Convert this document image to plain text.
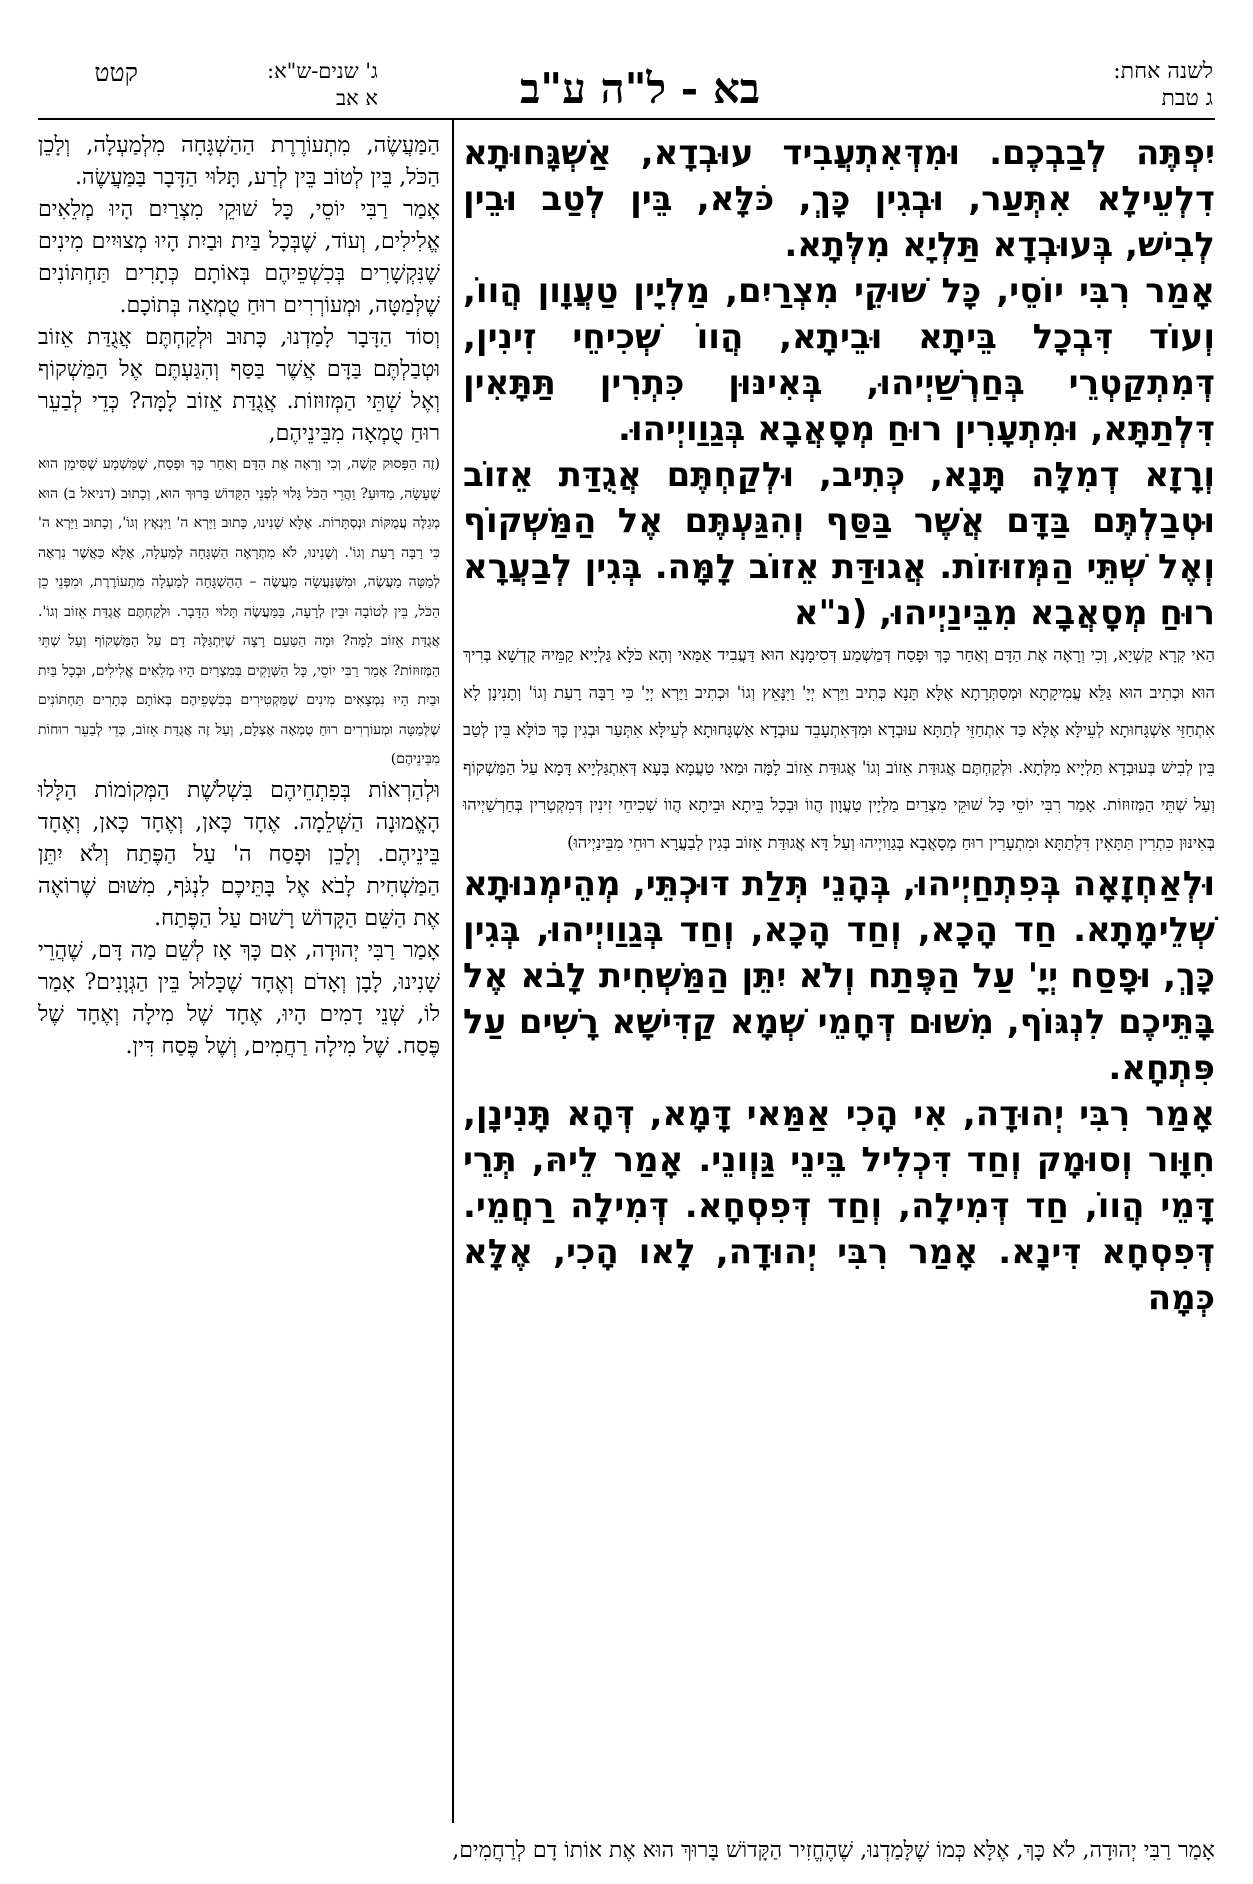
לשנה אחת:
ג טבת
בא - ל"ה ע"ב
ג' שנים-ש"א:
א אב
קטט

יִפְתֶּה לְבַבְכֶם. וּמִדְּאִתְעֲבִיד עוּבְדָא, אַשְׁגָּחוּתָא דִלְעֵילָא אִתְּעַר, וּבְגִין כָּךְ, כֹּלָּא, בֵּין לְטַב וּבֵין לְבִישׁ, בְּעוּבְדָא תַּלְיָא מִלְּתָא.

אָמַר רִבִּי יוֹסֵי, כָּל שׁוּקֵי מִצְרַיִם, מַלְיָין טַעֲוָון הֲווֹ, וְעוֹד דִּבְכָל בֵּיתָא וּבֵיתָא, הֲווֹ שְׁכִיחֵי זִינִין, דְּמִתְקַטְרֵי בְּחַרְשַׁיְיהוּ, בְּאִינּוּן כִּתְרִין תַּתָּאִין דִּלְתַתָּא, וּמִתְעָרִין רוּחַ מְסָאֲבָא בְּגַוַויְיהוּ.

וְרָזָא דְמִלָּה תָּנָא, כְּתִיב, וּלְקַחְתֶּם אֲגֻדַּת אֵזוֹב וּטְבַלְתֶּם בַּדָּם אֲשֶׁר בַּסַּף וְהִגַּעְתֶּם אֶל הַמַּשְׁקוֹף וְאֶל שְׁתֵּי הַמְּזוּזוֹת. אֲגוּדַּת אֵזוֹב לָמָּה. בְּגִין לְבַעֲרָא רוּחַ מְסָאֲבָא מִבֵּינַיְיהוּ, (נ"א

הַאי קְרָא קַשְׁיָא, וְכִי וְרָאָה אֶת הַדָּם וְאַחַר כָּךְ וּפָסַח דְּמַשְׁמַע דְּסִימָנָא הוּא דַּעֲבִיד אַמַּאי וְהָא כֹּלָּא גַּלְיָיא קַמֵּיהּ קֻדְשָׁא בְּרִיךְ הוּא וּכְתִיב הוּא גַּלֵּא עֲמִיקָתָא וּמְסַתְּרָתָא אֶלָּא תָּנָא כְּתִיב וַיַּרְא יְיָ' וַיִּנָּאֵץ וְגוֹ' וּכְתִיב וַיַּרְא יְיָ' כִּי רַבָּה רָעַת וְגוֹ' וְתָנִינָן לָא אִתְחַזֵּי אַשְׁגָּחוּתָא לְעֵילָּא אֶלָּא כַּד אִתְחַזֵּי לְתַתָּא עוּבְדָא וּמִדְּאִתְעָבֵד עוּבְדָא אַשְׁגָּחוּתָא לְעֵילָּא אִתְּעַר וּבְגִין כָּךְ כּוֹלָּא בֵּין לְטַב בֵּין לְבִישׁ בְּעוּבְדָא תַּלְיָיא מִלְּתָא. וּלְקַחְתֶּם אֲגוּדַּת אֵזוֹב וְגוֹ' אֲגוּדַּת אֵזוֹב לָמָּה וּמַאי טַעֲמָא בָּעָא דְּאִתְגַּלְיָיא דָּמָא עַל הַמַּשְׁקוֹף וְעַל שְׁתֵּי הַמְּזוּזוֹת. אָמַר רִבִּי יוֹסֵי כָּל שׁוּקֵי מִצְרַיִם מַלְיָין טַעֲוָון הֲווֹ וּבְכָל בֵּיתָא וּבֵיתָא הֲווֹ שְׁכִיחֵי זִינִין דְּמִקְטְרִין בְּחַרְשַׁיְיהוּ בְּאִינּוּן כִּתְרִין תַּתָּאִין דִּלְתַתָּא וּמִתְעָרִין רוּחַ מְסָאֲבָא בְּגַוַויְיהוּ וְעַל דָּא אֲגוּדַּת אֵזוֹב בְּגִין לְבַעֲרָא רוּחֵי מִבֵּינַיְיהוּ)

וּלְאַחְזָאָה בְּפִתְחַיְיהוּ, בְּהָנֵי תְּלַת דּוּכְתֵּי, מְהֵימְנוּתָא שְׁלֵימָתָא. חַד הָכָא, וְחַד הָכָא, וְחַד בְּגַוַויְיהוּ, בְּגִין כָּךְ, וּפָסַח יְיָ' עַל הַפֶּתַח וְלֹא יִתֵּן הַמַּשְׁחִית לָבֹא אֶל בָּתֵּיכֶם לִנְגּוֹף, מִשּׁוּם דְּחָמֵי שְׁמָא קַדִּישָׁא רָשִׁים עַל פִּתְחָא.

אָמַר רִבִּי יְהוּדָה, אִי הָכִי אַמַּאי דָּמָא, דְּהָא תָּנִינָן, חִוָּור וְסוּמָק וְחַד דִּכְלִיל בֵּינֵי גַּוְונֵי. אָמַר לֵיהּ, תְּרֵי דָּמֵי הֲווֹ, חַד דְּמִילָה, וְחַד דְּפִסְחָא. דְּמִילָה רַחֲמֵי. דְּפִסְחָא דִּינָא. אָמַר רִבִּי יְהוּדָה, לָאו הָכִי, אֶלָּא כְּמָה

הַמַּעֲשֶׂה, מִתְעוֹרֶרֶת הַהַשְׁגָּחָה מִלְמַעְלָה, וְלָכֵן הַכֹּל, בֵּין לְטוֹב בֵּין לְרַע, תָּלוּי הַדָּבָר בַּמַּעֲשֶׂה.

אָמַר רַבִּי יוֹסֵי, כָּל שׁוּקֵי מִצְרַיִם הָיוּ מְלֵאִים אֱלִילִים, וְעוֹד, שֶׁבְּכָל בַּיִת וּבַיִת הָיוּ מְצוּיִים מִינִים שֶׁנִּקְשָׁרִים בְּכִשְׁפֵיהֶם בְּאוֹתָם כְּתָרִים תַּחְתּוֹנִים שֶׁלְּמַטָּה, וּמְעוֹרְרִים רוּחַ טֻמְאָה בְּתוֹכָם.

וְסוֹד הַדָּבָר לָמַדְנוּ, כָּתוּב וּלְקַחְתֶּם אֲגֻדַּת אֵזוֹב וּטְבַלְתֶּם בַּדָּם אֲשֶׁר בַּסַּף וְהִגַּעְתֶּם אֶל הַמַּשְׁקוֹף וְאֶל שְׁתֵּי הַמְּזוּזוֹת. אֲגֻדַּת אֵזוֹב לָמָּה? כְּדֵי לְבַעֵר רוּחַ טֻמְאָה מִבֵּינֵיהֶם,

(זֶה הַפָּסוּק קָשֶׁה, וְכִי וְרָאָה אֶת הַדָּם וְאַחַר כָּךְ וּפָסַח, שֶׁמַּשְׁמָע שֶׁסִּימָן הוּא שֶׁעָשָׂה, מַדּוּעַ? וַהֲרֵי הַכֹּל גָּלוּי לִפְנֵי הַקָּדוֹשׁ בָּרוּךְ הוּא, וְכָתוּב (דניאל ב) הוּא מְגַלֶּה עֲמֻקּוֹת וּנְסְתָּרוֹת. אֶלָּא שָׁנִינוּ, כָּתוּב וַיַּרְא ה' וַיִּנְאָץ וְגוֹ', וְכָתוּב וַיַּרְא ה' כִּי רַבָּה רָעַת וְגוֹ'. וְשָׁנִינוּ, לֹא מִתְרָאָה הַשְׁגָּחָה לְמַעְלָה, אֶלָּא כַּאֲשֶׁר נִרְאֶה לְמַטָּה מַעֲשֶׂה, וּמִשֶּׁנַּעֲשָׂה מַעֲשֶׂה – הַהַשְׁגָּחָה לְמַעְלָה מִתְעוֹרֶרֶת, וּמִפְּנֵי כֵן הַכֹּל, בֵּין לְטוֹבָה וּבֵין לְרָעָה, בַּמַּעֲשֶׂה תָּלוּי הַדָּבָר. וּלְקַחְתֶּם אֲגֻדַּת אֵזוֹב וְגוֹ'. אֲגֻדַּת אֵזוֹב לָמָּה? וּמָה הַטַּעַם רָצָה שֶׁיִּתְגַּלֶּה דָם עַל הַמַּשְׁקוֹף וְעַל שְׁתֵּי הַמְּזוּזוֹת? אָמַר רַבִּי יוֹסֵי, כָּל הַשְּׁוָקִים בְּמִצְרַיִם הָיוּ מְלֵאִים אֱלִילִים, וּבְכָל בַּיִת וּבַיִת הָיוּ נִמְצָאִים מִינִים שֶׁמַּקְטִירִים בְּכִשְׁפֵיהֶם בְּאוֹתָם כְּתָרִים תַּחְתּוֹנִים שֶׁלְּמַטָּה וּמְעוֹרְרִים רוּחַ טֻמְאָה אֶצְלָם, וְעַל זֶה אֲגֻדַּת אֵזוֹב, כְּדֵי לְבַעֵר רוּחוֹת מִבֵּינֵיהֶם)

וּלְהַרְאוֹת בְּפִתְחֵיהֶם בִּשְׁלֹשֶׁת הַמְּקוֹמוֹת הַלָּלוּ הָאֱמוּנָה הַשְּׁלֵמָה. אֶחָד כָּאן, וְאֶחָד כָּאן, וְאֶחָד בֵּינֵיהֶם. וְלָכֵן וּפָסַח ה' עַל הַפֶּתַח וְלֹא יִתֵּן הַמַּשְׁחִית לָבֹא אֶל בָּתֵּיכֶם לִנְגֹּף, מִשּׁוּם שֶׁרוֹאֶה אֶת הַשֵּׁם הַקָּדוֹשׁ רָשׁוּם עַל הַפֶּתַח.

אָמַר רַבִּי יְהוּדָה, אִם כָּךְ אָז לְשֵׁם מַה דָּם, שֶׁהֲרֵי שָׁנִינוּ, לָבָן וְאָדֹם וְאֶחָד שֶׁכָּלוּל בֵּין הַגְּוָנִים? אָמַר לוֹ, שְׁנֵי דָמִים הָיוּ, אֶחָד שֶׁל מִילָה וְאֶחָד שֶׁל פֶּסַח. שֶׁל מִילָה רַחֲמִים, וְשֶׁל פֶּסַח דִּין.

אָמַר רַבִּי יְהוּדָה, לֹא כָּךְ, אֶלָּא כְּמוֹ שֶׁלָּמַדְנוּ, שֶׁהֶחֱזִיר הַקָּדוֹשׁ בָּרוּךְ הוּא אֶת אוֹתוֹ דָם לְרַחֲמִים,
